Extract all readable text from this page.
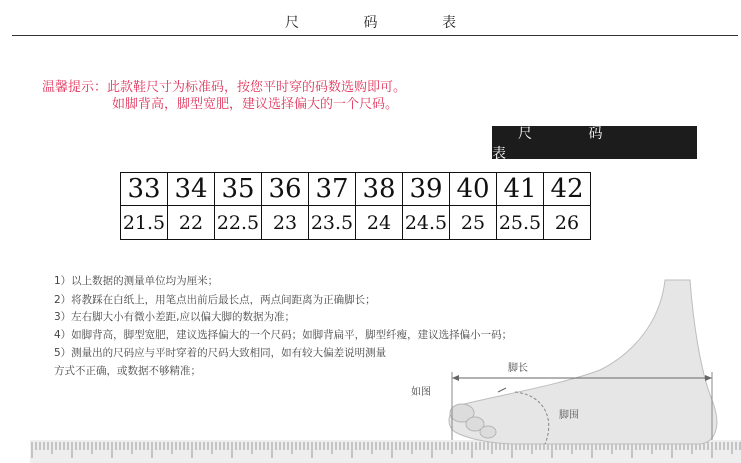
尺 码 表
温馨提示：此款鞋尺寸为标准码，按您平时穿的码数选购即可。
如脚背高，脚型宽肥，建议选择偏大的一个尺码。
尺 码 表
33	34	35	36	37	38	39	40	41	42
21.5	22	22.5	23	23.5	24	24.5	25	25.5	26
1）以上数据的测量单位均为厘米；
2）将教踩在白纸上，用笔点出前后最长点，两点间距离为正确脚长；
3）左右脚大小有微小差距,应以偏大脚的数据为准；
4）如脚背高，脚型宽肥，建议选择偏大的一个尺码；如脚背扁平，脚型纤瘦，建议选择偏小一码；
5）测量出的尺码应与平时穿着的尺码大致相同，如有较大偏差说明测量
方式不正确，或数据不够精准；	脚长
如图
脚围
